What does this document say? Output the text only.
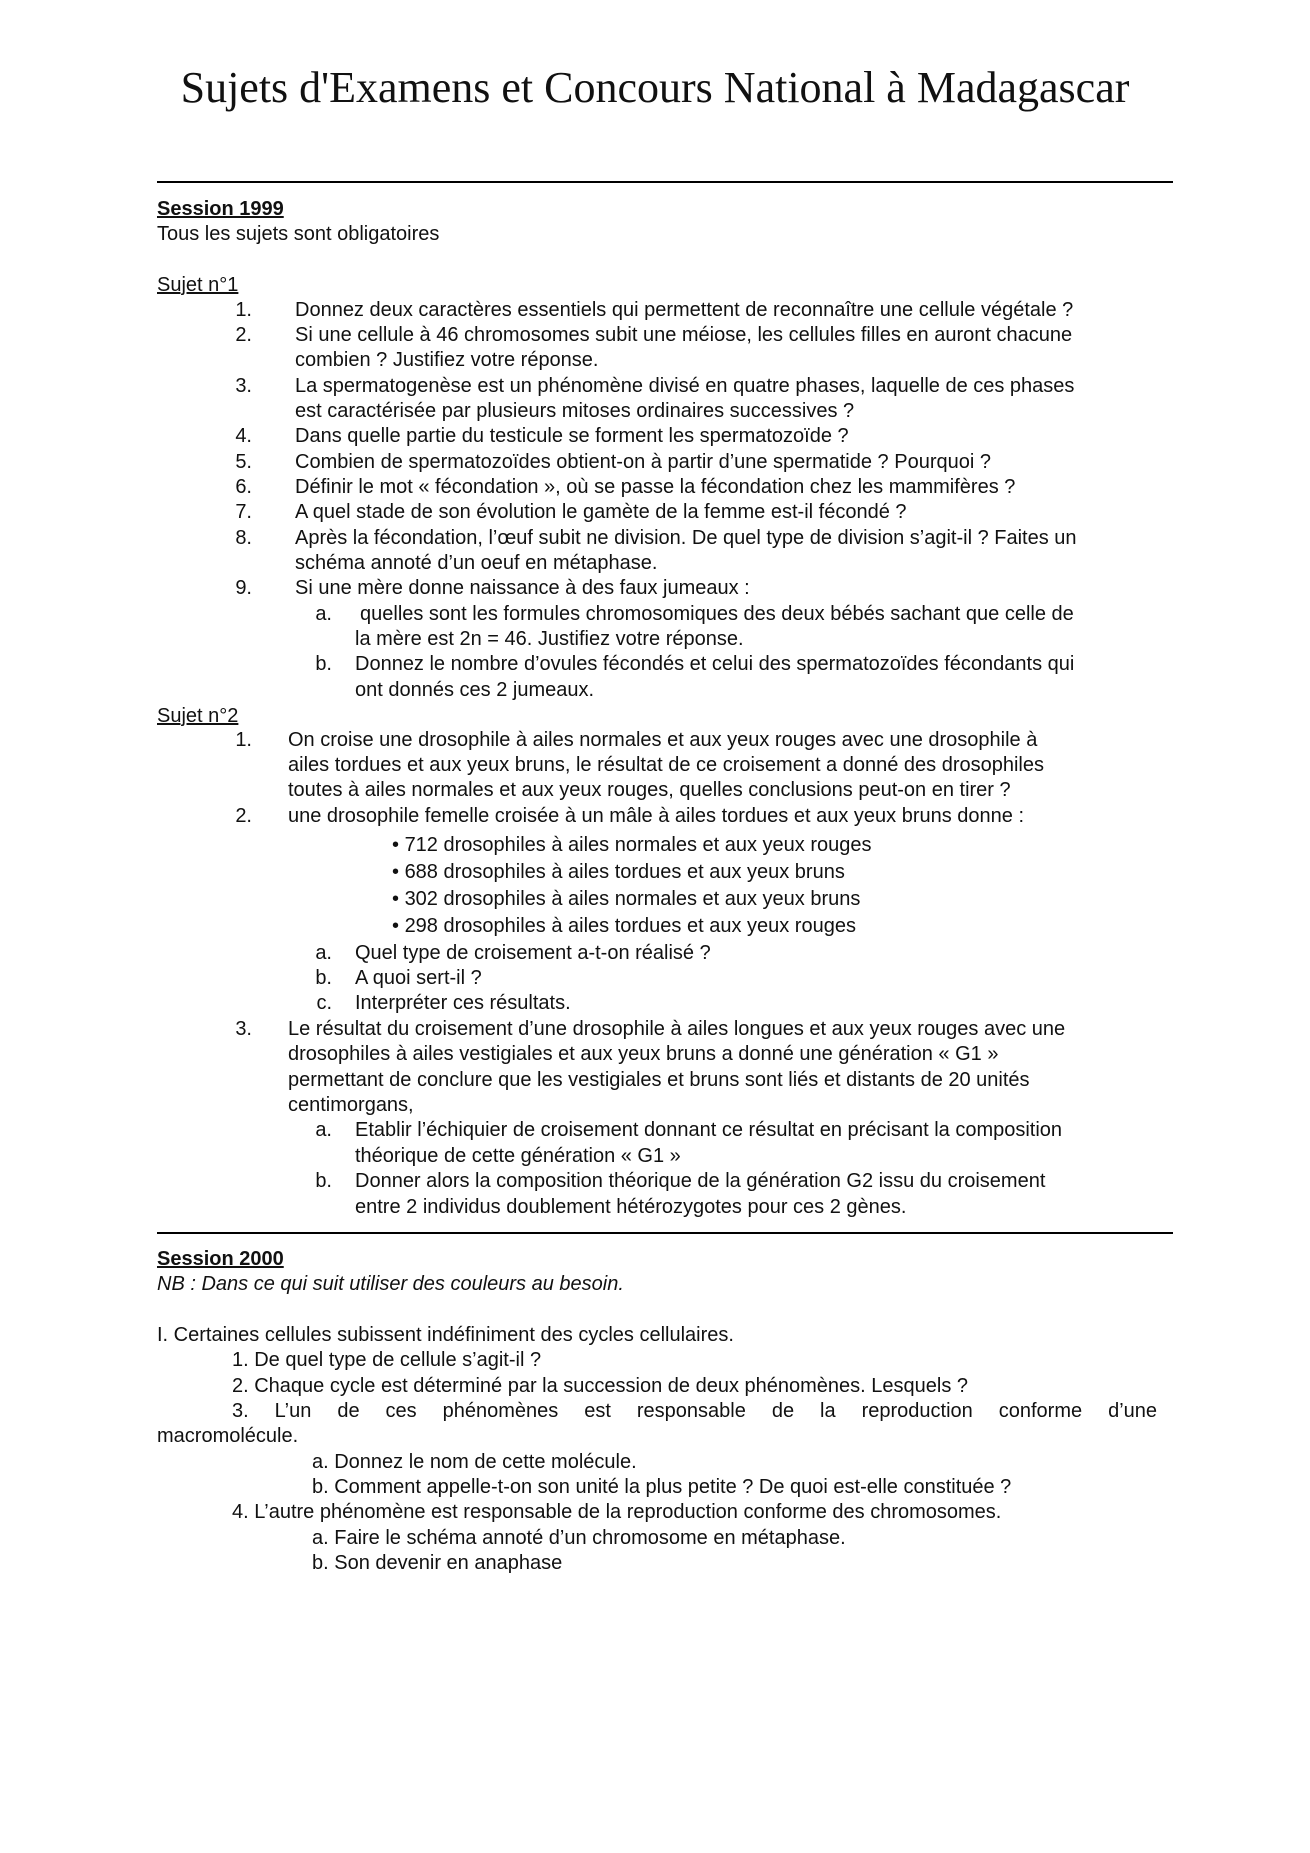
Sujets d'Examens et Concours National à Madagascar
Session 1999
Tous les sujets sont obligatoires
Sujet n°1
1. Donnez deux caractères essentiels qui permettent de reconnaître une cellule végétale ?
2. Si une cellule à 46 chromosomes subit une méiose, les cellules filles en auront chacune
combien ? Justifiez votre réponse.
3. La spermatogenèse est un phénomène divisé en quatre phases, laquelle de ces phases
est caractérisée par plusieurs mitoses ordinaires successives ?
4. Dans quelle partie du testicule se forment les spermatozoïde ?
5. Combien de spermatozoïdes obtient-on à partir d’une spermatide ? Pourquoi ?
6. Définir le mot « fécondation », où se passe la fécondation chez les mammifères ?
7. A quel stade de son évolution le gamète de la femme est-il fécondé ?
8. Après la fécondation, l’œuf subit ne division. De quel type de division s’agit-il ? Faites un
schéma annoté d’un oeuf en métaphase.
9. Si une mère donne naissance à des faux jumeaux :
a. quelles sont les formules chromosomiques des deux bébés sachant que celle de
la mère est 2n = 46. Justifiez votre réponse.
b. Donnez le nombre d’ovules fécondés et celui des spermatozoïdes fécondants qui
ont donnés ces 2 jumeaux.
Sujet n°2
1. On croise une drosophile à ailes normales et aux yeux rouges avec une drosophile à
ailes tordues et aux yeux bruns, le résultat de ce croisement a donné des drosophiles
toutes à ailes normales et aux yeux rouges, quelles conclusions peut-on en tirer ?
2. une drosophile femelle croisée à un mâle à ailes tordues et aux yeux bruns donne :
• 712 drosophiles à ailes normales et aux yeux rouges
• 688 drosophiles à ailes tordues et aux yeux bruns
• 302 drosophiles à ailes normales et aux yeux bruns
• 298 drosophiles à ailes tordues et aux yeux rouges
a. Quel type de croisement a-t-on réalisé ?
b. A quoi sert-il ?
c. Interpréter ces résultats.
3. Le résultat du croisement d’une drosophile à ailes longues et aux yeux rouges avec une
drosophiles à ailes vestigiales et aux yeux bruns a donné une génération « G1 »
permettant de conclure que les vestigiales et bruns sont liés et distants de 20 unités
centimorgans,
a. Etablir l’échiquier de croisement donnant ce résultat en précisant la composition
théorique de cette génération « G1 »
b. Donner alors la composition théorique de la génération G2 issu du croisement
entre 2 individus doublement hétérozygotes pour ces 2 gènes.
Session 2000
NB : Dans ce qui suit utiliser des couleurs au besoin.
I. Certaines cellules subissent indéfiniment des cycles cellulaires.
1. De quel type de cellule s’agit-il ?
2. Chaque cycle est déterminé par la succession de deux phénomènes. Lesquels ?
3. L’un de ces phénomènes est responsable de la reproduction conforme d’une
macromolécule.
a. Donnez le nom de cette molécule.
b. Comment appelle-t-on son unité la plus petite ? De quoi est-elle constituée ?
4. L’autre phénomène est responsable de la reproduction conforme des chromosomes.
a. Faire le schéma annoté d’un chromosome en métaphase.
b. Son devenir en anaphase
